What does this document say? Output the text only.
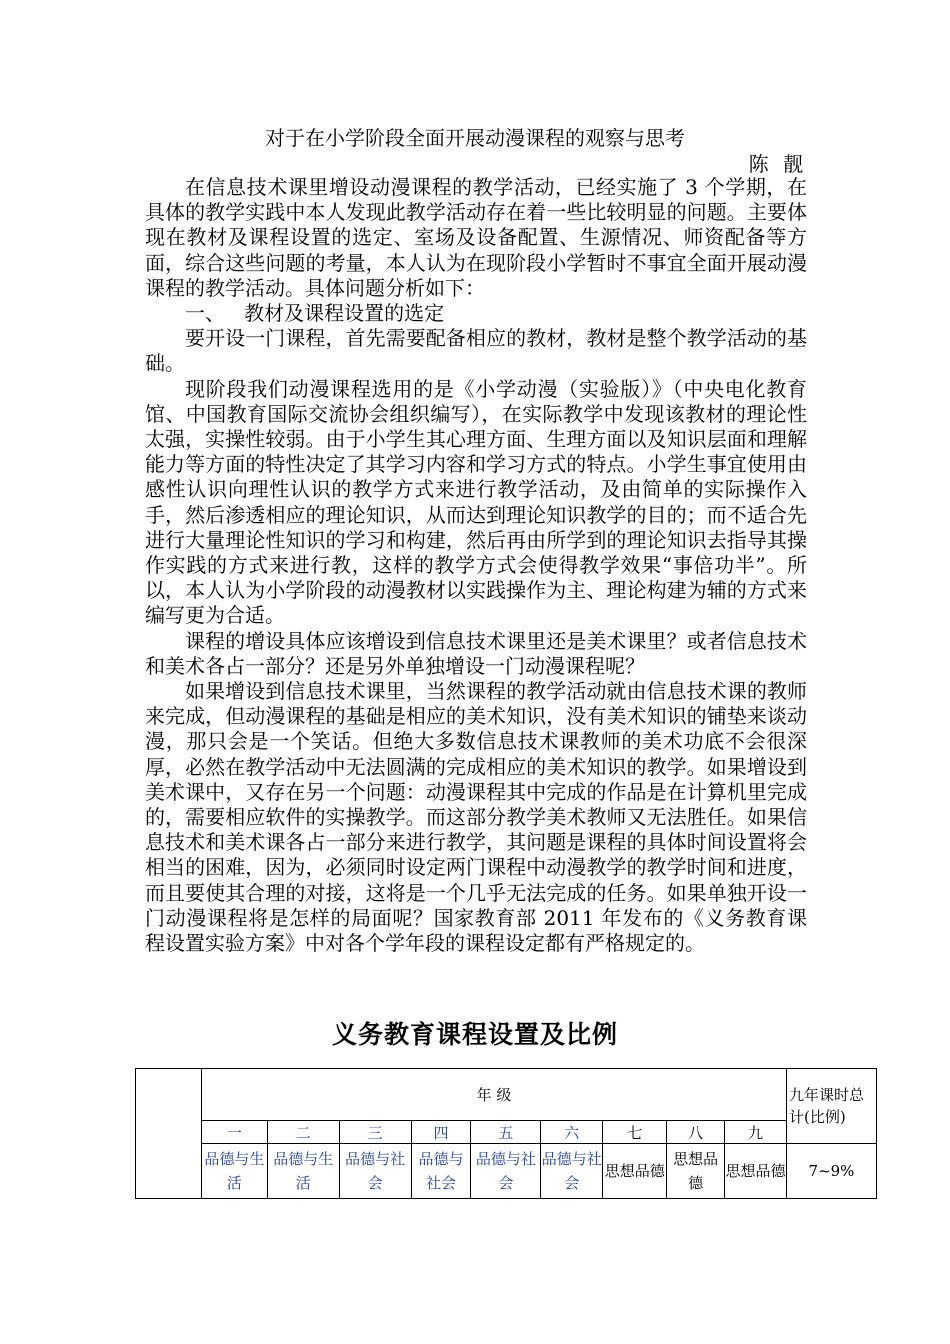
对于在小学阶段全面开展动漫课程的观察与思考
陈 靓

在信息技术课里增设动漫课程的教学活动，已经实施了 3 个学期，在具体的教学实践中本人发现此教学活动存在着一些比较明显的问题。主要体现在教材及课程设置的选定、室场及设备配置、生源情况、师资配备等方面，综合这些问题的考量，本人认为在现阶段小学暂时不事宜全面开展动漫课程的教学活动。具体问题分析如下：

一、   教材及课程设置的选定

要开设一门课程，首先需要配备相应的教材，教材是整个教学活动的基础。

现阶段我们动漫课程选用的是《小学动漫（实验版）》（中央电化教育馆、中国教育国际交流协会组织编写），在实际教学中发现该教材的理论性太强，实操性较弱。由于小学生其心理方面、生理方面以及知识层面和理解能力等方面的特性决定了其学习内容和学习方式的特点。小学生事宜使用由感性认识向理性认识的教学方式来进行教学活动，及由简单的实际操作入手，然后渗透相应的理论知识，从而达到理论知识教学的目的；而不适合先进行大量理论性知识的学习和构建，然后再由所学到的理论知识去指导其操作实践的方式来进行教，这样的教学方式会使得教学效果“事倍功半”。所以，本人认为小学阶段的动漫教材以实践操作为主、理论构建为辅的方式来编写更为合适。

课程的增设具体应该增设到信息技术课里还是美术课里？或者信息技术和美术各占一部分？还是另外单独增设一门动漫课程呢？

如果增设到信息技术课里，当然课程的教学活动就由信息技术课的教师来完成，但动漫课程的基础是相应的美术知识，没有美术知识的铺垫来谈动漫，那只会是一个笑话。但绝大多数信息技术课教师的美术功底不会很深厚，必然在教学活动中无法圆满的完成相应的美术知识的教学。如果增设到美术课中，又存在另一个问题：动漫课程其中完成的作品是在计算机里完成的，需要相应软件的实操教学。而这部分教学美术教师又无法胜任。如果信息技术和美术课各占一部分来进行教学，其问题是课程的具体时间设置将会相当的困难，因为，必须同时设定两门课程中动漫教学的教学时间和进度，而且要使其合理的对接，这将是一个几乎无法完成的任务。如果单独开设一门动漫课程将是怎样的局面呢？国家教育部 2011 年发布的《义务教育课程设置实验方案》中对各个学年段的课程设定都有严格规定的。

义务教育课程设置及比例
	年 级									九年课时总计(比例)
	一	二	三	四	五	六	七	八	九	
	品德与生活	品德与生活	品德与社会	品德与社会	品德与社会	品德与社会	思想品德	思想品德	思想品德	7~9%
